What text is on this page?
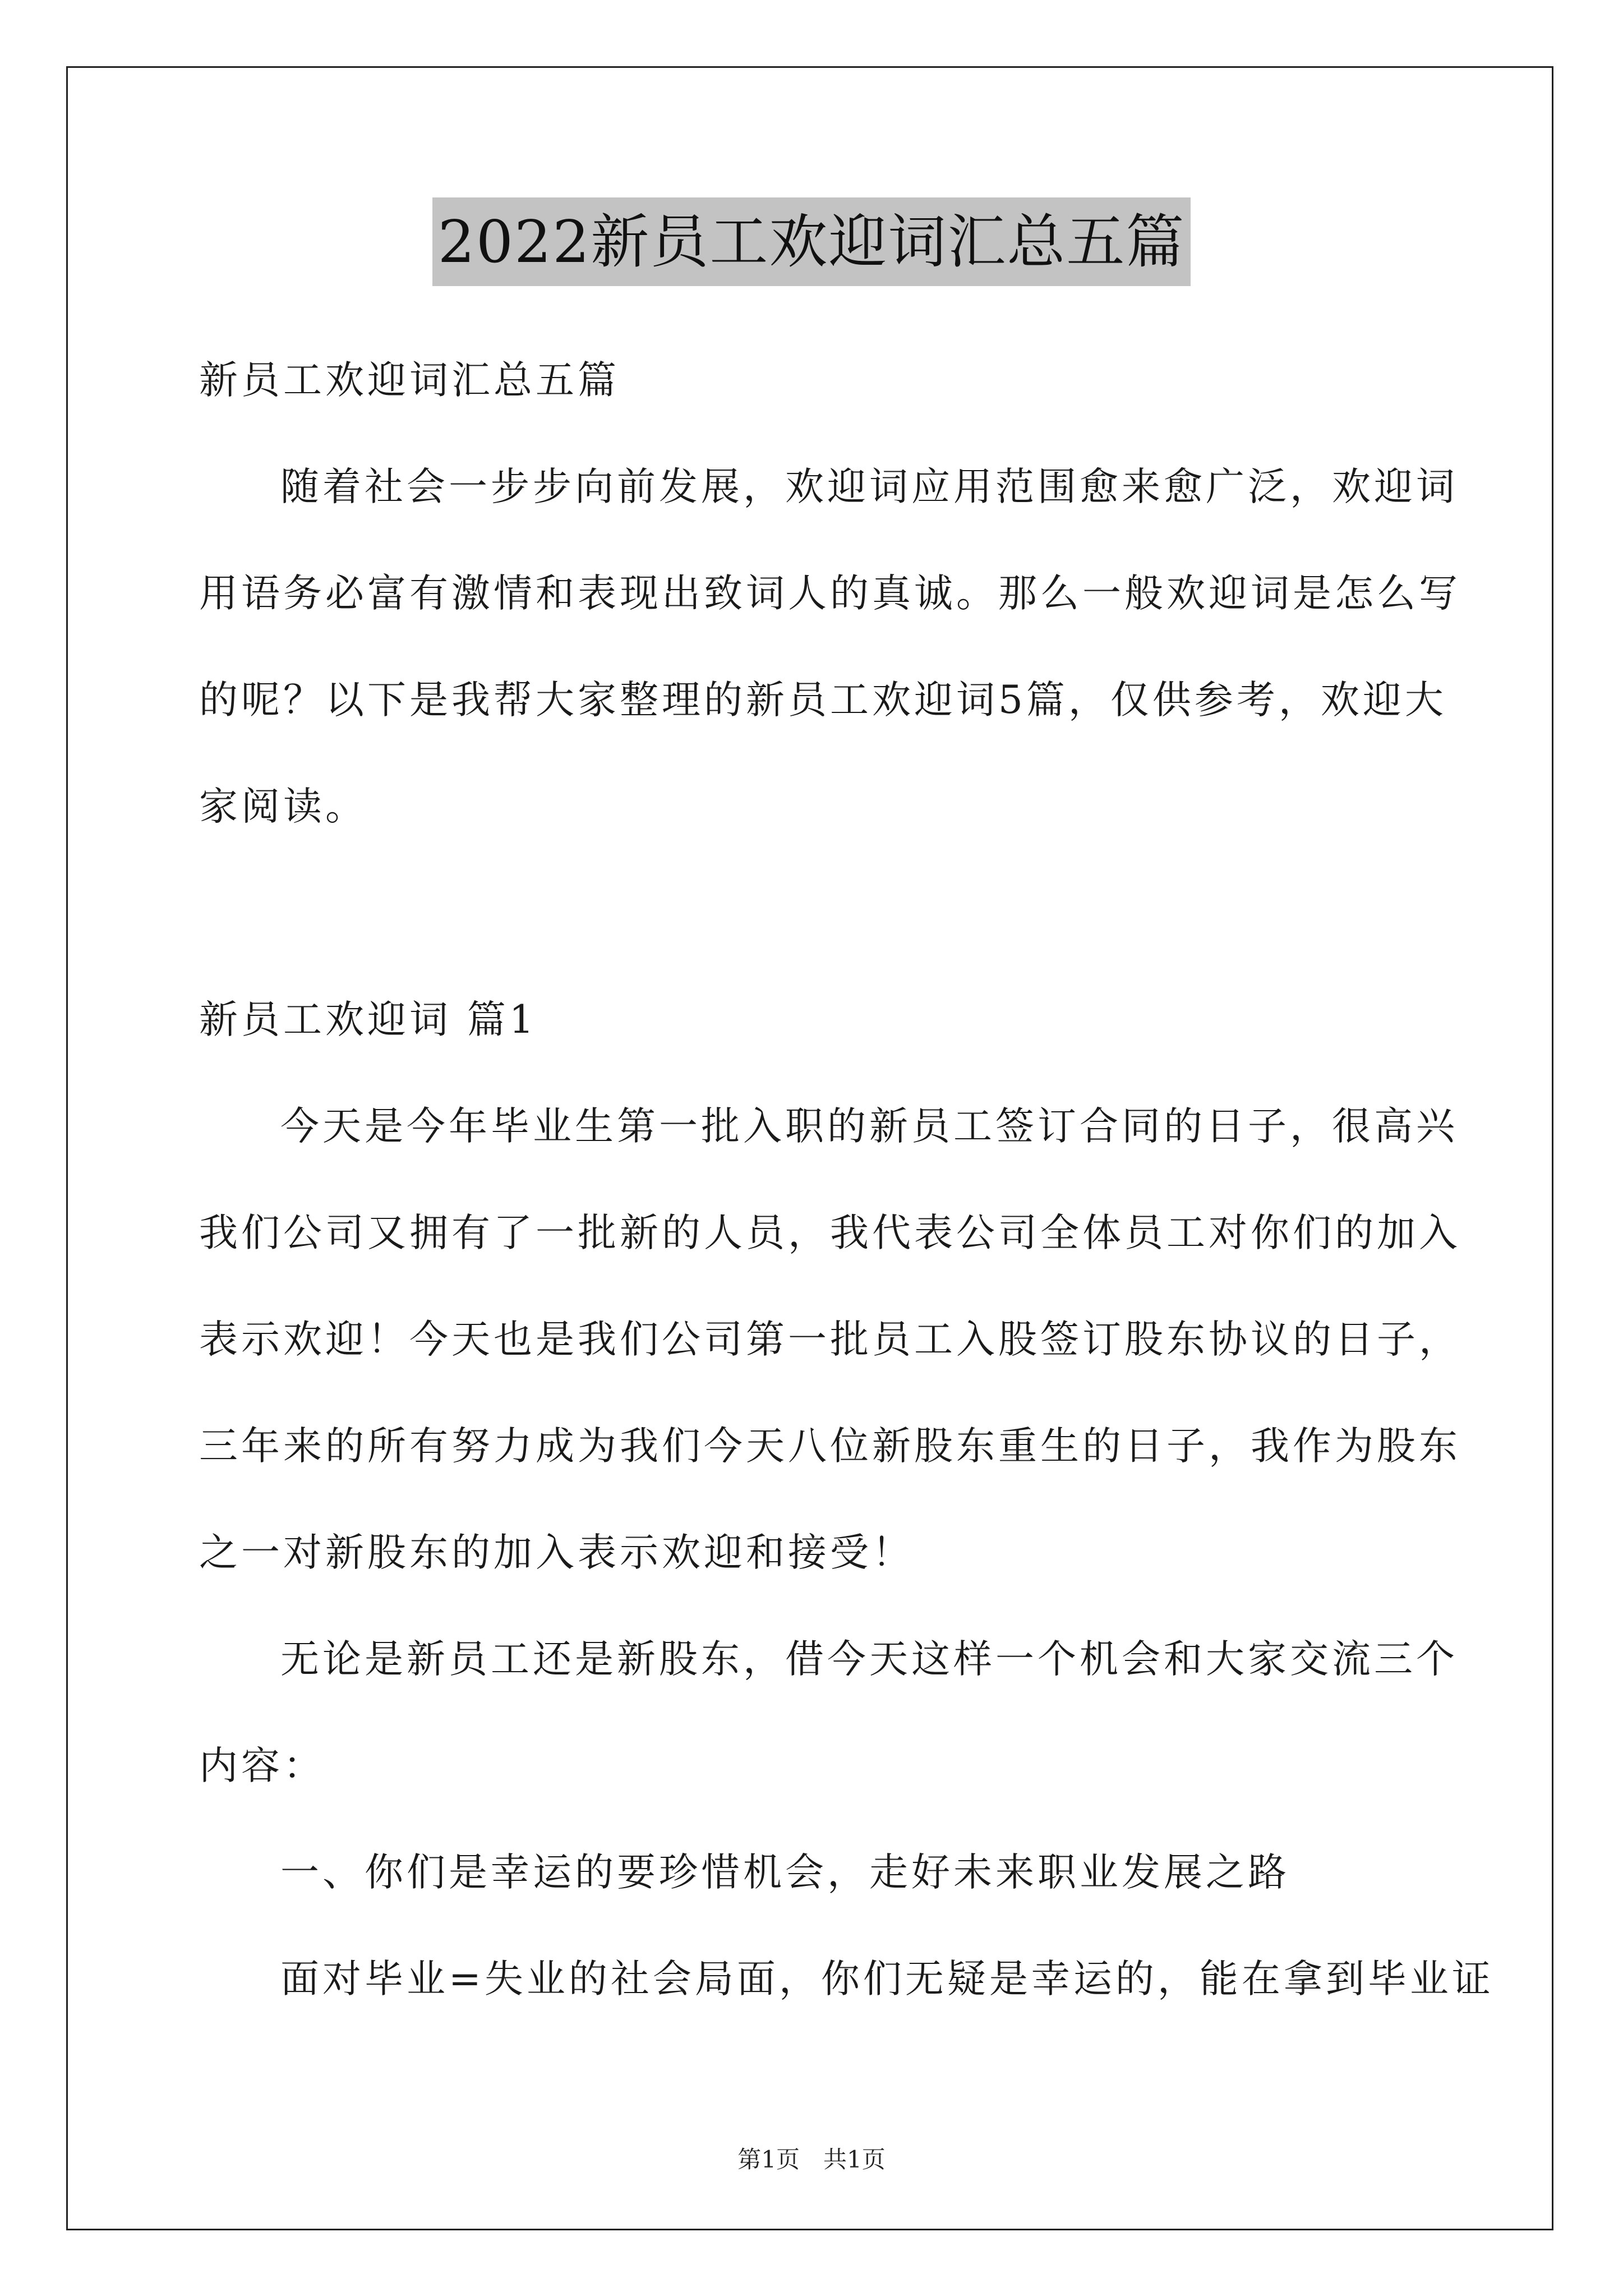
2022新员工欢迎词汇总五篇
新员工欢迎词汇总五篇
随着社会一步步向前发展，欢迎词应用范围愈来愈广泛，欢迎词
用语务必富有激情和表现出致词人的真诚。那么一般欢迎词是怎么写
的呢？以下是我帮大家整理的新员工欢迎词5篇，仅供参考，欢迎大
家阅读。
新员工欢迎词 篇1
今天是今年毕业生第一批入职的新员工签订合同的日子，很高兴
我们公司又拥有了一批新的人员，我代表公司全体员工对你们的加入
表示欢迎！今天也是我们公司第一批员工入股签订股东协议的日子，
三年来的所有努力成为我们今天八位新股东重生的日子，我作为股东
之一对新股东的加入表示欢迎和接受！
无论是新员工还是新股东，借今天这样一个机会和大家交流三个
内容：
一、你们是幸运的要珍惜机会，走好未来职业发展之路
面对毕业=失业的社会局面，你们无疑是幸运的，能在拿到毕业证
第1页　共1页
